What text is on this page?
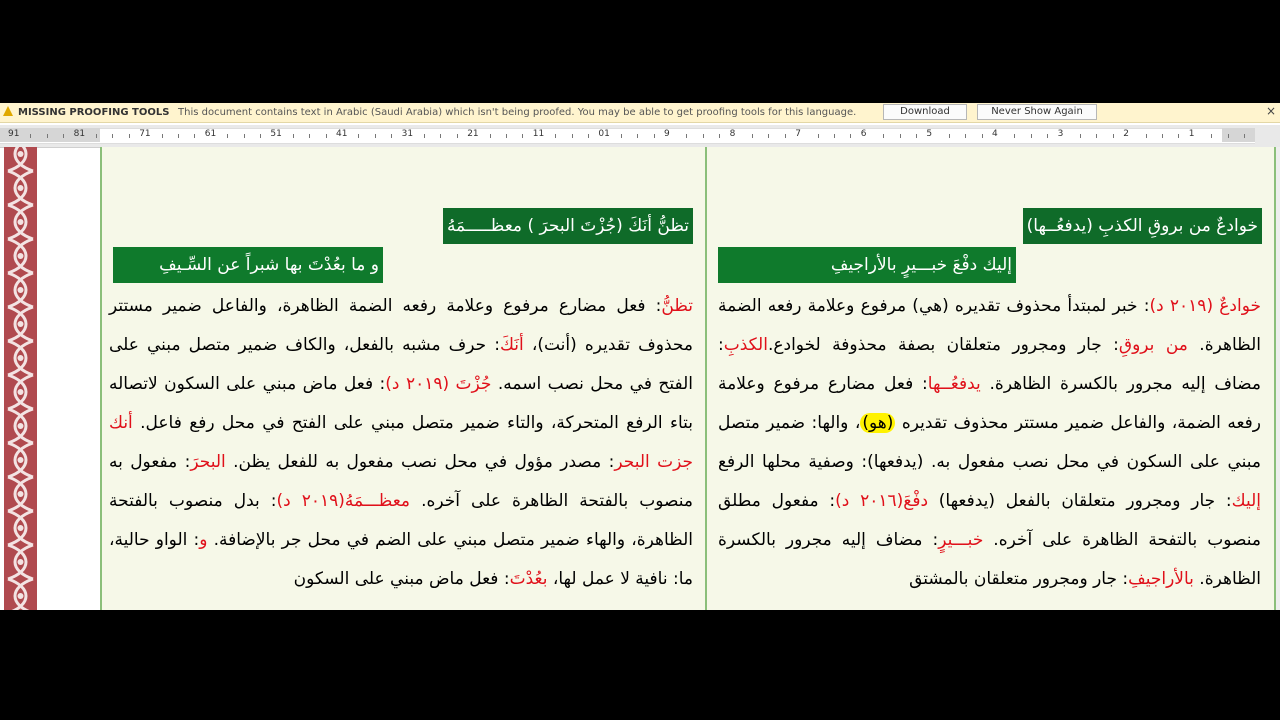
MISSING PROOFING TOOLS This document contains text in Arabic (Saudi Arabia) which isn't being proofed. You may be able to get proofing tools for this language.	Download	Never Show Again	×
91	81	71	61	51	41	31	21	11	01	9	8	7	6	5	4	3	2	1
خوادعٌ من بروقِ الكذبِ (يدفعُــها)
إليك دفْعَ خبـــيرٍ بالأراجيفِ

خوادعٌ (٢٠١٩ د): خبر لمبتدأ محذوف تقديره (هي) مرفوع وعلامة رفعه الضمة الظاهرة. من بروقِ: جار ومجرور متعلقان بصفة محذوفة لخوادع.الكذبِ: مضاف إليه مجرور بالكسرة الظاهرة. يدفعُــها: فعل مضارع مرفوع وعلامة رفعه الضمة، والفاعل ضمير مستتر محذوف تقديره (هو)، والها: ضمير متصل مبني على السكون في محل نصب مفعول به. (يدفعها): وصفية محلها الرفع إليك: جار ومجرور متعلقان بالفعل (يدفعها) دفْعَ(٢٠١٦ د): مفعول مطلق منصوب بالتفحة الظاهرة على آخره. خبـــيرٍ: مضاف إليه مجرور بالكسرة الظاهرة. بالأراجيفِ: جار ومجرور متعلقان بالمشتق

تظنُّ أنَكَ (جُزْتَ البحرَ ) معظـــــمَهُ
و ما بعُدْتَ بها شبراً عن السِّـيفِ

تظنُّ: فعل مضارع مرفوع وعلامة رفعه الضمة الظاهرة، والفاعل ضمير مستتر محذوف تقديره (أنت)، أنَكَ: حرف مشبه بالفعل، والكاف ضمير متصل مبني على الفتح في محل نصب اسمه. جُزْتَ (٢٠١٩ د): فعل ماض مبني على السكون لاتصاله بتاء الرفع المتحركة، والتاء ضمير متصل مبني على الفتح في محل رفع فاعل. أنك جزت البحر: مصدر مؤول في محل نصب مفعول به للفعل يظن. البحرَ: مفعول به منصوب بالفتحة الظاهرة على آخره. معظـــمَهُ(٢٠١٩ د): بدل منصوب بالفتحة الظاهرة، والهاء ضمير متصل مبني على الضم في محل جر بالإضافة. و: الواو حالية، ما: نافية لا عمل لها، بعُدْتَ: فعل ماض مبني على السكون
